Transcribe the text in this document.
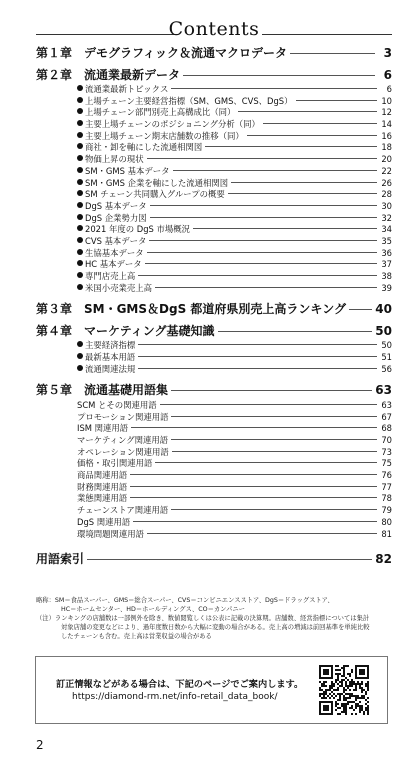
Contents
第１章 デモグラフィック＆流通マクロデータ	3
第２章 流通業最新データ	6
流通業最新トピックス	6
上場チェーン主要経営指標（SM、GMS、CVS、DgS）	10
上場チェーン部門別売上高構成比（同）	12
主要上場チェーンのポジショニング分析（同）	14
主要上場チェーン期末店舗数の推移（同）	16
商社・卸を軸にした流通相関図	18
物価上昇の現状	20
SM・GMS 基本データ	22
SM・GMS 企業を軸にした流通相関図	26
SM チェーン共同購入グループの概要	28
DgS 基本データ	30
DgS 企業勢力図	32
2021 年度の DgS 市場概況	34
CVS 基本データ	35
生協基本データ	36
HC 基本データ	37
専門店売上高	38
米国小売業売上高	39
第３章 SM・GMS＆DgS 都道府県別売上高ランキング 40
第４章 マーケティング基礎知識	50
主要経済指標	50
最新基本用語	51
流通関連法規	56
第５章 流通基礎用語集	63
SCM とその関連用語	63
プロモーション関連用語	67
ISM 関連用語	68
マーケティング関連用語	70
オペレーション関連用語	73
価格・取引関連用語	75
商品関連用語	76
財務関連用語	77
業態関連用語	78
チェーンストア関連用語	79
DgS 関連用語	80
環境問題関連用語	81
用語索引	82
略称：SM＝食品スーパー、GMS＝総合スーパー、CVS＝コンビニエンスストア、DgS＝ドラッグストア、
HC＝ホームセンター、HD＝ホールディングス、CO＝カンパニー
（注）ランキングの店舗数は一部例外を除き、数値閲覧しくは公表に記載の決算期。店舗数、経営指標については集計
対象店舗の変更などにより、過年度数日数から大幅に変動の場合がある。売上高の増減は前回基準を単純比較
したチェーンも含む。売上高は営業収益の場合がある
訂正情報などがある場合は、下記のページでご案内します。
https://diamond-rm.net/info-retail_data_book/
2
